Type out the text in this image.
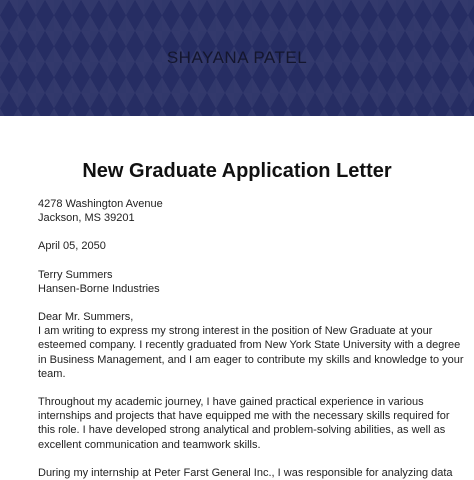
SHAYANA PATEL
New Graduate Application Letter
4278 Washington Avenue
Jackson, MS 39201
April 05, 2050
Terry Summers
Hansen-Borne Industries
Dear Mr. Summers,
I am writing to express my strong interest in the position of New Graduate at your
esteemed company. I recently graduated from New York State University with a degree
in Business Management, and I am eager to contribute my skills and knowledge to your
team.
Throughout my academic journey, I have gained practical experience in various
internships and projects that have equipped me with the necessary skills required for
this role. I have developed strong analytical and problem-solving abilities, as well as
excellent communication and teamwork skills.
During my internship at Peter Farst General Inc., I was responsible for analyzing data
